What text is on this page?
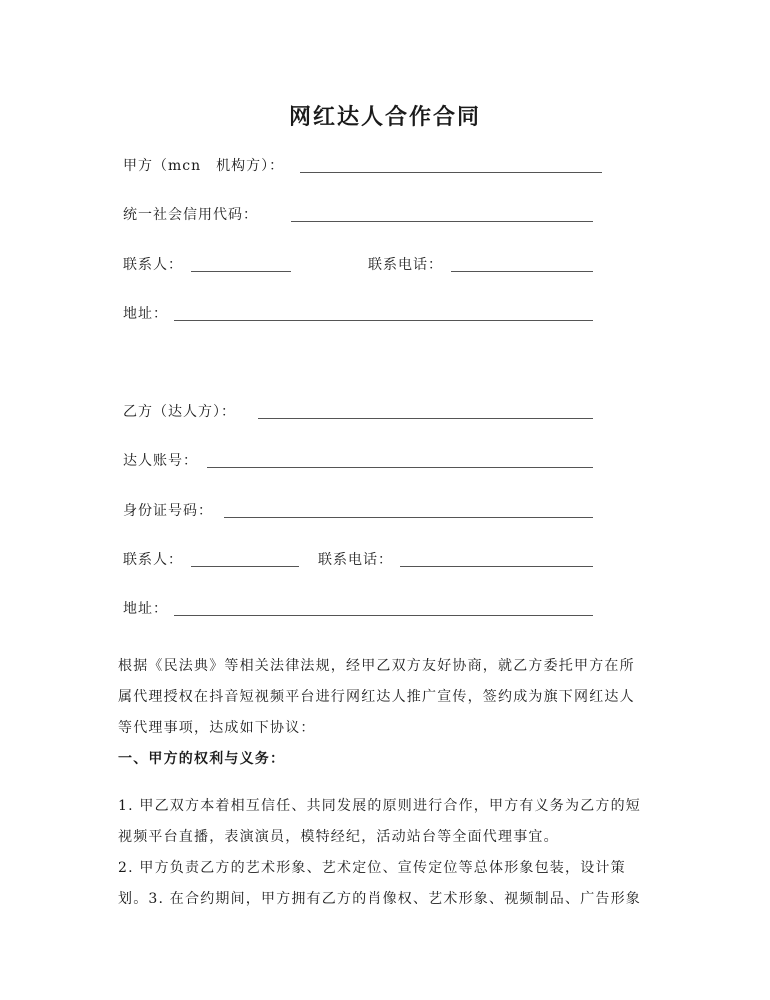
网红达人合作合同
甲方（mcn　机构方）：
统一社会信用代码：
联系人：	联系电话：
地址：
乙方（达人方）：
达人账号：
身份证号码：
联系人：	联系电话：
地址：
根据《民法典》等相关法律法规，经甲乙双方友好协商，就乙方委托甲方在所
属代理授权在抖音短视频平台进行网红达人推广宣传，签约成为旗下网红达人
等代理事项，达成如下协议：
一、甲方的权利与义务：
1. 甲乙双方本着相互信任、共同发展的原则进行合作，甲方有义务为乙方的短
视频平台直播，表演演员，模特经纪，活动站台等全面代理事宜。
2. 甲方负责乙方的艺术形象、艺术定位、宣传定位等总体形象包装，设计策
划。3. 在合约期间，甲方拥有乙方的肖像权、艺术形象、视频制品、广告形象
